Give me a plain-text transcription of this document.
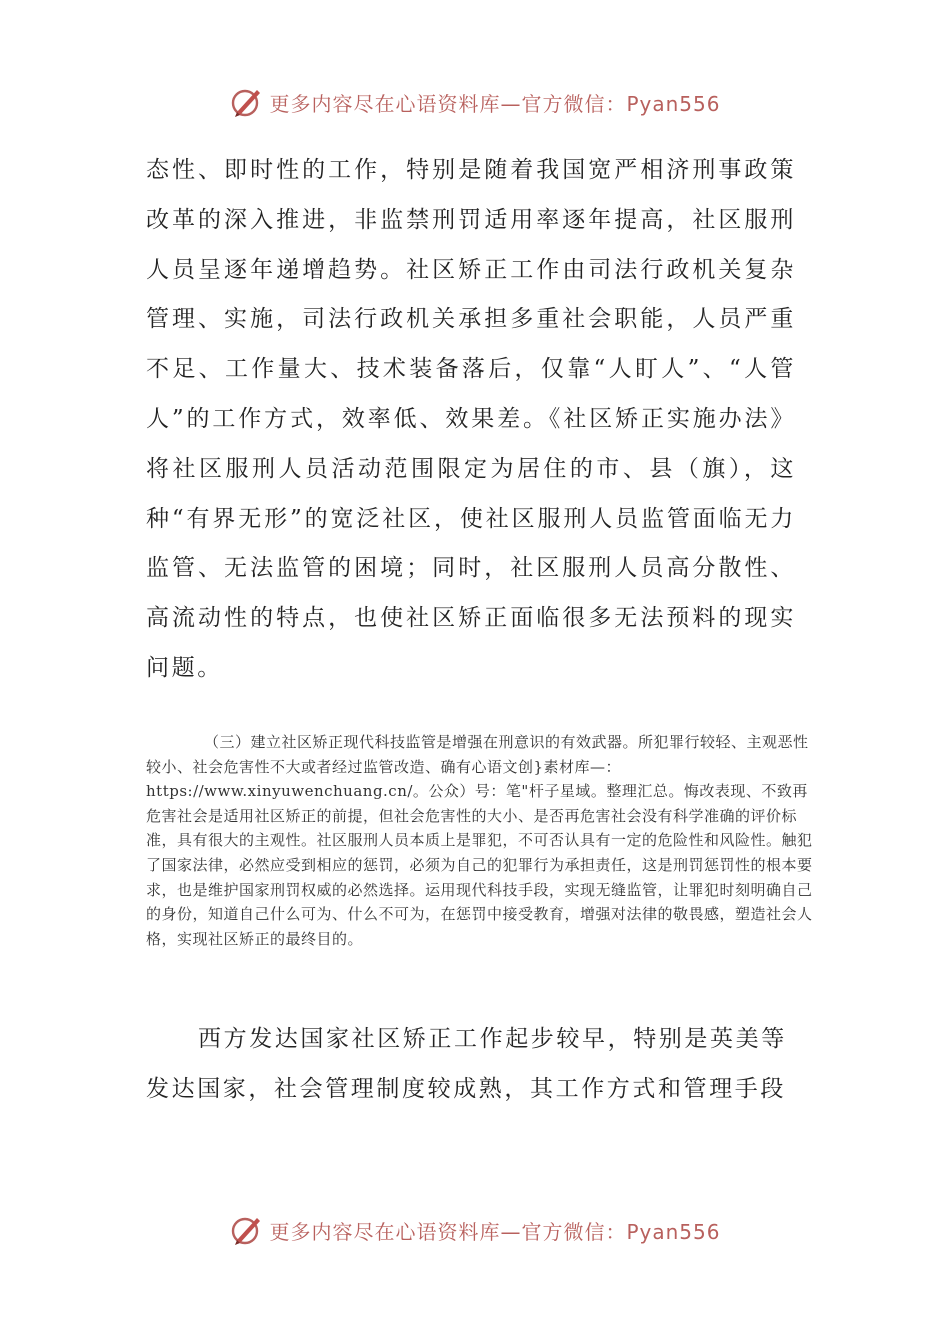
更多内容尽在心语资料库—官方微信：Pyan556

态性、即时性的工作，特别是随着我国宽严相济刑事政策改革的深入推进，非监禁刑罚适用率逐年提高，社区服刑人员呈逐年递增趋势。社区矫正工作由司法行政机关复杂管理、实施，司法行政机关承担多重社会职能，人员严重不足、工作量大、技术装备落后，仅靠“人盯人”、“人管人”的工作方式，效率低、效果差。《社区矫正实施办法》将社区服刑人员活动范围限定为居住的市、县（旗），这种“有界无形”的宽泛社区，使社区服刑人员监管面临无力监管、无法监管的困境；同时，社区服刑人员高分散性、高流动性的特点，也使社区矫正面临很多无法预料的现实问题。

（三）建立社区矫正现代科技监管是增强在刑意识的有效武器。所犯罪行较轻、主观恶性较小、社会危害性不大或者经过监管改造、确有心语文创}素材库—：https://www.xinyuwenchuang.cn/。公众）号：笔"杆子星域。整理汇总。悔改表现、不致再危害社会是适用社区矫正的前提，但社会危害性的大小、是否再危害社会没有科学准确的评价标准，具有很大的主观性。社区服刑人员本质上是罪犯，不可否认具有一定的危险性和风险性。触犯了国家法律，必然应受到相应的惩罚，必须为自己的犯罪行为承担责任，这是刑罚惩罚性的根本要求，也是维护国家刑罚权威的必然选择。运用现代科技手段，实现无缝监管，让罪犯时刻明确自己的身份，知道自己什么可为、什么不可为，在惩罚中接受教育，增强对法律的敬畏感，塑造社会人格，实现社区矫正的最终目的。

西方发达国家社区矫正工作起步较早，特别是英美等发达国家，社会管理制度较成熟，其工作方式和管理手段

更多内容尽在心语资料库—官方微信：Pyan556
